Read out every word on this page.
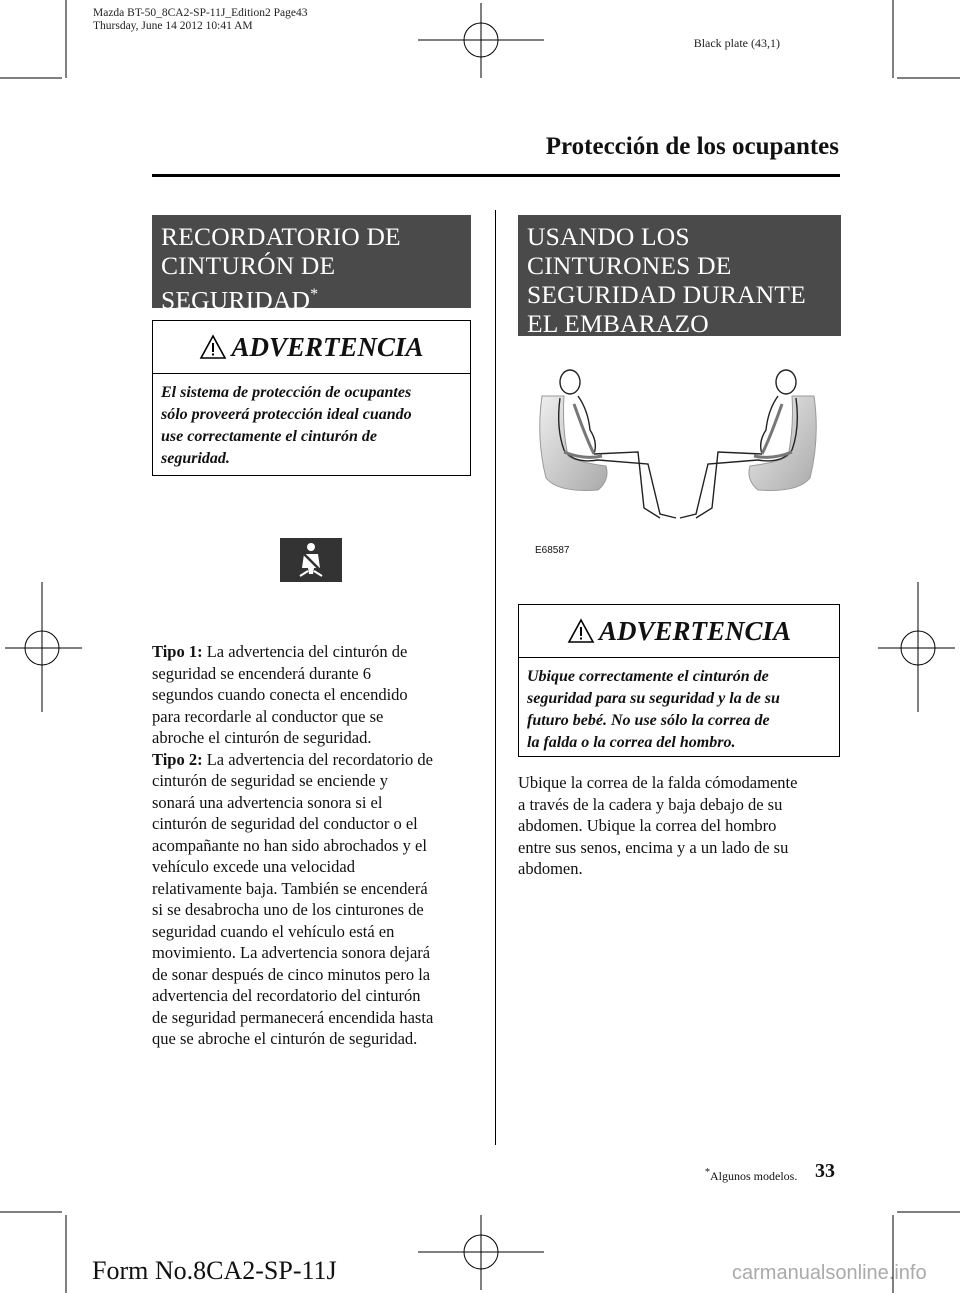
Mazda BT-50_8CA2-SP-11J_Edition2 Page43
Thursday, June 14 2012 10:41 AM
Black plate (43,1)
Protección de los ocupantes
RECORDATORIO DE
CINTURÓN DE
SEGURIDAD*
ADVERTENCIA
El sistema de protección de ocupantes
sólo proveerá protección ideal cuando
use correctamente el cinturón de
seguridad.
Tipo 1: La advertencia del cinturón de
seguridad se encenderá durante 6
segundos cuando conecta el encendido
para recordarle al conductor que se
abroche el cinturón de seguridad.
Tipo 2: La advertencia del recordatorio de
cinturón de seguridad se enciende y
sonará una advertencia sonora si el
cinturón de seguridad del conductor o el
acompañante no han sido abrochados y el
vehículo excede una velocidad
relativamente baja. También se encenderá
si se desabrocha uno de los cinturones de
seguridad cuando el vehículo está en
movimiento. La advertencia sonora dejará
de sonar después de cinco minutos pero la
advertencia del recordatorio del cinturón
de seguridad permanecerá encendida hasta
que se abroche el cinturón de seguridad.
USANDO LOS
CINTURONES DE
SEGURIDAD DURANTE
EL EMBARAZO
E68587
ADVERTENCIA
Ubique correctamente el cinturón de
seguridad para su seguridad y la de su
futuro bebé. No use sólo la correa de
la falda o la correa del hombro.
Ubique la correa de la falda cómodamente
a través de la cadera y baja debajo de su
abdomen. Ubique la correa del hombro
entre sus senos, encima y a un lado de su
abdomen.
*Algunos modelos. 33
Form No.8CA2-SP-11J	carmanualsonline.info
